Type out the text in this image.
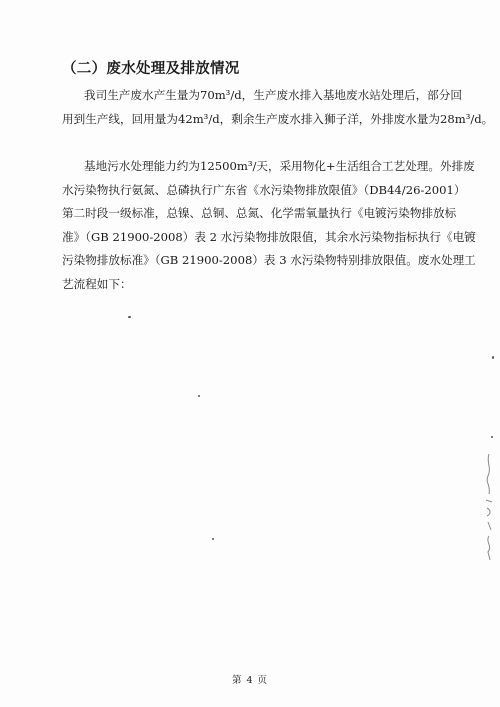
（二）废水处理及排放情况
我司生产废水产生量为70m³/d，生产废水排入基地废水站处理后，部分回
用到生产线，回用量为42m³/d，剩余生产废水排入狮子洋，外排废水量为28m³/d。
基地污水处理能力约为12500m³/天，采用物化+生活组合工艺处理。外排废
水污染物执行氨氮、总磷执行广东省《水污染物排放限值》（DB44/26-2001）
第二时段一级标准，总镍、总铜、总氮、化学需氧量执行《电镀污染物排放标
准》（GB 21900-2008）表 2 水污染物排放限值，其余水污染物指标执行《电镀
污染物排放标准》（GB 21900-2008）表 3 水污染物特别排放限值。废水处理工
艺流程如下：
第 4 页
